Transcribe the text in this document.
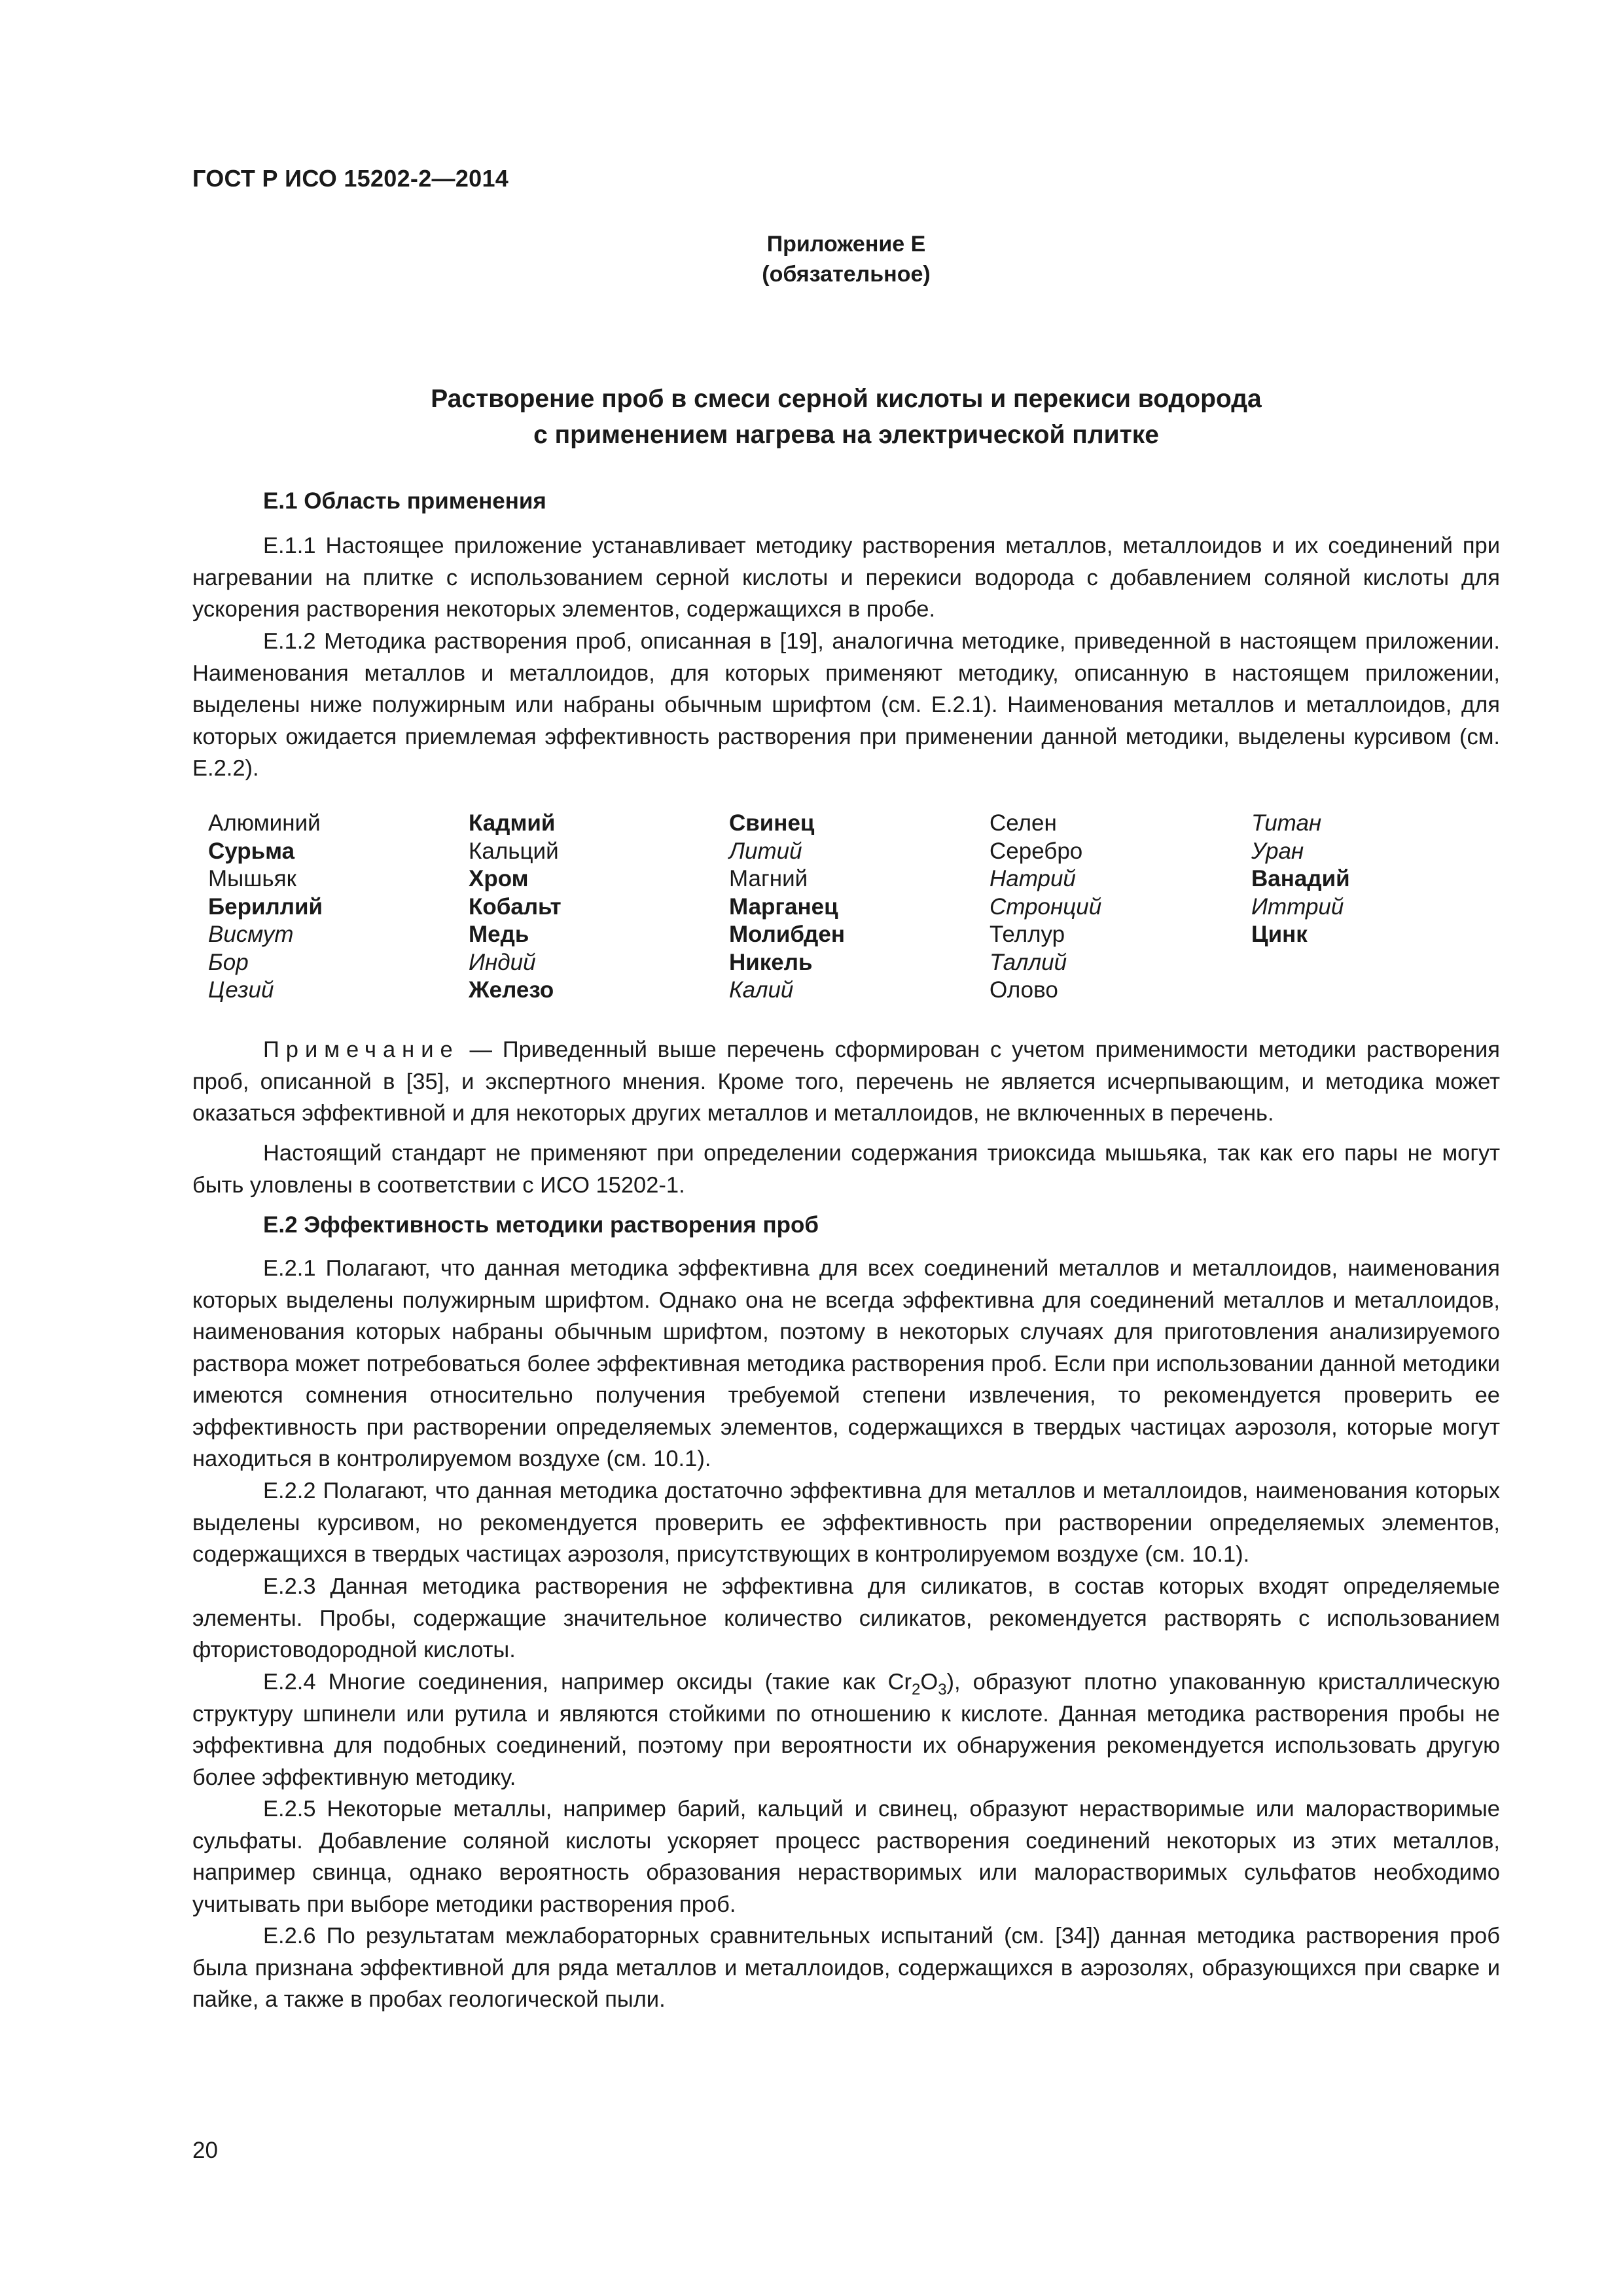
ГОСТ Р ИСО 15202-2—2014
Приложение Е
(обязательное)
Растворение проб в смеси серной кислоты и перекиси водорода
с применением нагрева на электрической плитке
Е.1 Область применения

Е.1.1 Настоящее приложение устанавливает методику растворения металлов, металлоидов и их соединений при нагревании на плитке с использованием серной кислоты и перекиси водорода с добавлением соляной кислоты для ускорения растворения некоторых элементов, содержащихся в пробе.

Е.1.2 Методика растворения проб, описанная в [19], аналогична методике, приведенной в настоящем приложении. Наименования металлов и металлоидов, для которых применяют методику, описанную в настоящем приложении, выделены ниже полужирным или набраны обычным шрифтом (см. Е.2.1). Наименования металлов и металлоидов, для которых ожидается приемлемая эффективность растворения при применении данной методики, выделены курсивом (см. Е.2.2).

Алюминий
Сурьма
Мышьяк
Бериллий
Висмут
Бор
Цезий
Кадмий
Кальций
Хром
Кобальт
Медь
Индий
Железо
Свинец
Литий
Магний
Марганец
Молибден
Никель
Калий
Селен
Серебро
Натрий
Стронций
Теллур
Таллий
Олово
Титан
Уран
Ванадий
Иттрий
Цинк

Примечание — Приведенный выше перечень сформирован с учетом применимости методики растворения проб, описанной в [35], и экспертного мнения. Кроме того, перечень не является исчерпывающим, и методика может оказаться эффективной и для некоторых других металлов и металлоидов, не включенных в перечень.

Настоящий стандарт не применяют при определении содержания триоксида мышьяка, так как его пары не могут быть уловлены в соответствии с ИСО 15202-1.

Е.2 Эффективность методики растворения проб

Е.2.1 Полагают, что данная методика эффективна для всех соединений металлов и металлоидов, наименования которых выделены полужирным шрифтом. Однако она не всегда эффективна для соединений металлов и металлоидов, наименования которых набраны обычным шрифтом, поэтому в некоторых случаях для приготовления анализируемого раствора может потребоваться более эффективная методика растворения проб. Если при использовании данной методики имеются сомнения относительно получения требуемой степени извлечения, то рекомендуется проверить ее эффективность при растворении определяемых элементов, содержащихся в твердых частицах аэрозоля, которые могут находиться в контролируемом воздухе (см. 10.1).

Е.2.2 Полагают, что данная методика достаточно эффективна для металлов и металлоидов, наименования которых выделены курсивом, но рекомендуется проверить ее эффективность при растворении определяемых элементов, содержащихся в твердых частицах аэрозоля, присутствующих в контролируемом воздухе (см. 10.1).

Е.2.3 Данная методика растворения не эффективна для силикатов, в состав которых входят определяемые элементы. Пробы, содержащие значительное количество силикатов, рекомендуется растворять с использованием фтористоводородной кислоты.

Е.2.4 Многие соединения, например оксиды (такие как $Cr_2O_3$), образуют плотно упакованную кристаллическую структуру шпинели или рутила и являются стойкими по отношению к кислоте. Данная методика растворения пробы не эффективна для подобных соединений, поэтому при вероятности их обнаружения рекомендуется использовать другую более эффективную методику.

Е.2.5 Некоторые металлы, например барий, кальций и свинец, образуют нерастворимые или малорастворимые сульфаты. Добавление соляной кислоты ускоряет процесс растворения соединений некоторых из этих металлов, например свинца, однако вероятность образования нерастворимых или малорастворимых сульфатов необходимо учитывать при выборе методики растворения проб.

Е.2.6 По результатам межлабораторных сравнительных испытаний (см. [34]) данная методика растворения проб была признана эффективной для ряда металлов и металлоидов, содержащихся в аэрозолях, образующихся при сварке и пайке, а также в пробах геологической пыли.

20
